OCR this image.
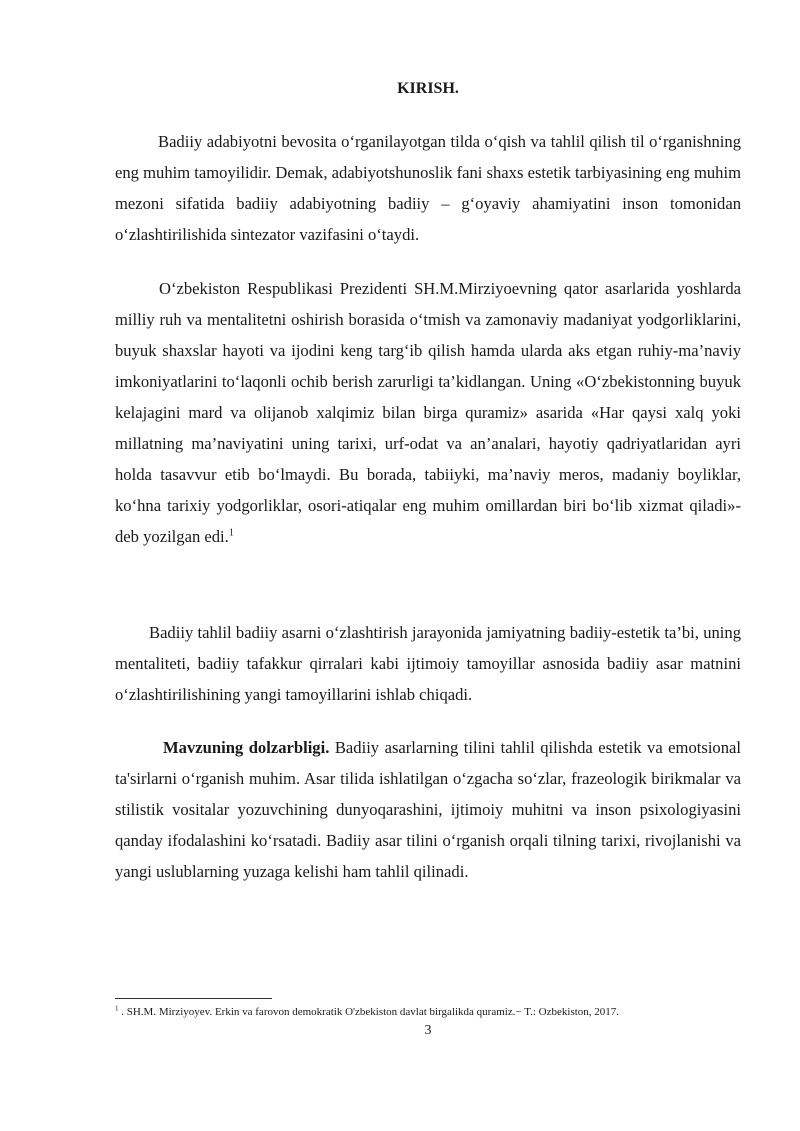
KIRISH.

Badiiy adabiyotni bevosita o‘rganilayotgan tilda o‘qish va tahlil qilish til o‘rganishning eng muhim tamoyilidir. Demak, adabiyotshunoslik fani shaxs estetik tarbiyasining eng muhim mezoni sifatida badiiy adabiyotning badiiy – g‘oyaviy ahamiyatini inson tomonidan o‘zlashtirilishida sintezator vazifasini o‘taydi.

O‘zbekiston Respublikasi Prezidenti SH.M.Mirziyoevning qator asarlarida yoshlarda milliy ruh va mentalitetni oshirish borasida o‘tmish va zamonaviy madaniyat yodgorliklarini, buyuk shaxslar hayoti va ijodini keng targ‘ib qilish hamda ularda aks etgan ruhiy-ma’naviy imkoniyatlarini to‘laqonli ochib berish zarurligi ta’kidlangan. Uning «O‘zbekistonning buyuk kelajagini mard va olijanob xalqimiz bilan birga quramiz» asarida «Har qaysi xalq yoki millatning ma’naviyatini uning tarixi, urf-odat va an’analari, hayotiy qadriyatlaridan ayri holda tasavvur etib bo‘lmaydi. Bu borada, tabiiyki, ma’naviy meros, madaniy boyliklar, ko‘hna tarixiy yodgorliklar, osori-atiqalar eng muhim omillardan biri bo‘lib xizmat qiladi»-deb yozilgan edi.$^1$

Badiiy tahlil badiiy asarni o‘zlashtirish jarayonida jamiyatning badiiy-estetik ta’bi, uning mentaliteti, badiiy tafakkur qirralari kabi ijtimoiy tamoyillar asnosida badiiy asar matnini o‘zlashtirilishining yangi tamoyillarini ishlab chiqadi.

Mavzuning dolzarbligi. Badiiy asarlarning tilini tahlil qilishda estetik va emotsional ta'sirlarni o‘rganish muhim. Asar tilida ishlatilgan o‘zgacha so‘zlar, frazeologik birikmalar va stilistik vositalar yozuvchining dunyoqarashini, ijtimoiy muhitni va inson psixologiyasini qanday ifodalashini ko‘rsatadi. Badiiy asar tilini o‘rganish orqali tilning tarixi, rivojlanishi va yangi uslublarning yuzaga kelishi ham tahlil qilinadi.

$^1$ . SH.M. Mirziyoyev. Erkin va farovon demokratik O'zbekiston davlat birgalikda quramiz.− T.: Ozbekiston, 2017.

3
